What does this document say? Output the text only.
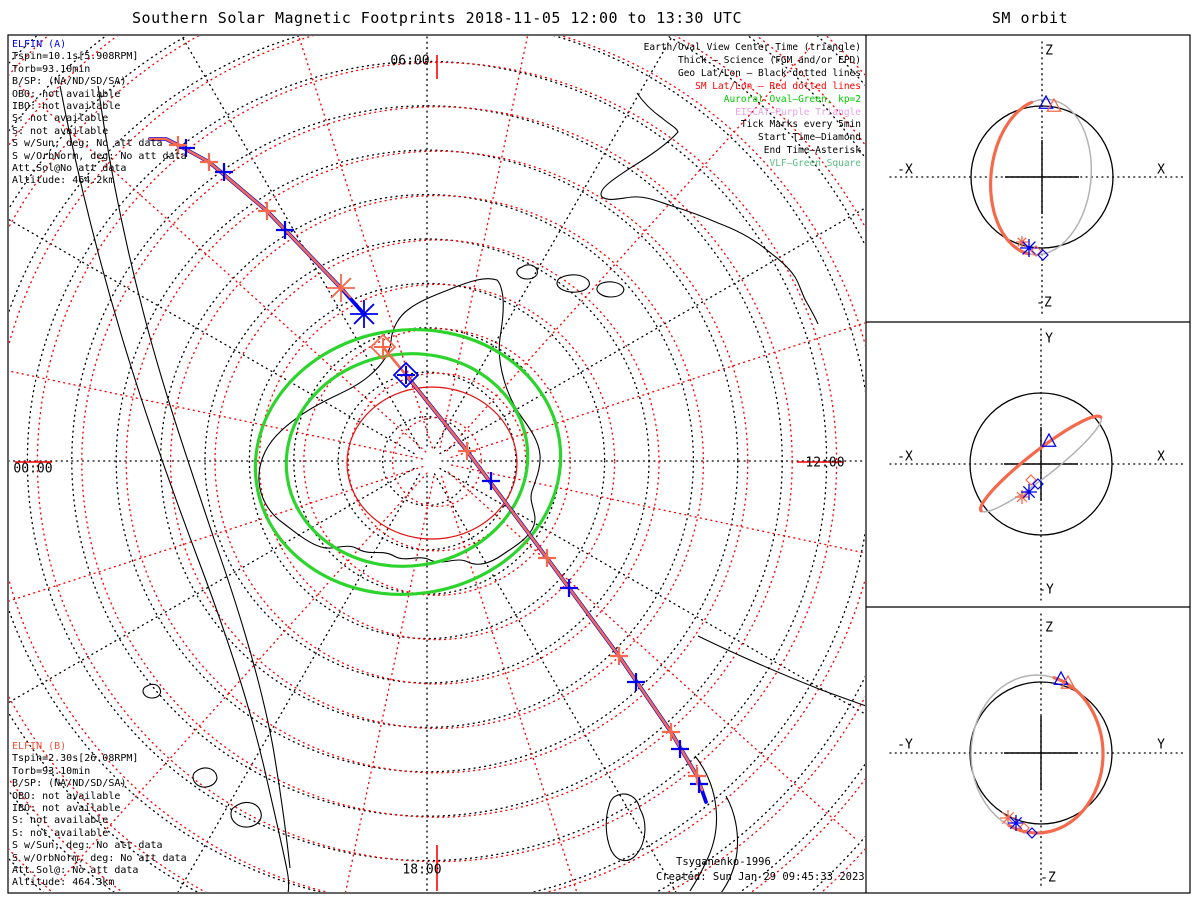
Southern Solar Magnetic Footprints 2018-11-05 12:00 to 13:30 UTC	SM orbit
ELFIN (A)
Tspin=10.1s[5.908RPM]
Torb=93.10min
B/SP: (NA/ND/SD/SA)
OBO: not available
IBO: not available
S: not available
S: not available
S w/Sun, deg: No att data
S w/OrbNorm, deg: No att data
Att.Sol@No att data
Altitude: 464.2km
ELFIN (B)
Tspin=2.30s[26.08RPM]
Torb=93.10min
B/SP: (NA/ND/SD/SA)
OBO: not available
IBO: not available
S: not available
S: not available
S w/Sun, deg: No att data
S w/OrbNorm, deg: No att data
Att.Sol@: No att data
Altitude: 464.3km
Earth/Oval View Center Time (triangle)
Thick — Science (FGM and/or EPD)
Geo Lat/Lon — Black dotted lines
SM Lat/Lon — Red dotted lines
Auroral Oval—Green, kp=2
EISCAT—Purple Triangle
Tick Marks every 5min
Start Time—Diamond
End Time—Asterisk
VLF—Green Square
Tsyganenko-1996
Created: Sun Jan 29 09:45:33 2023
06:00
00:00	12:00
18:00
Z
-Z
-X	X
Y
-Y
-X	X
Z
-Z
-Y	Y
